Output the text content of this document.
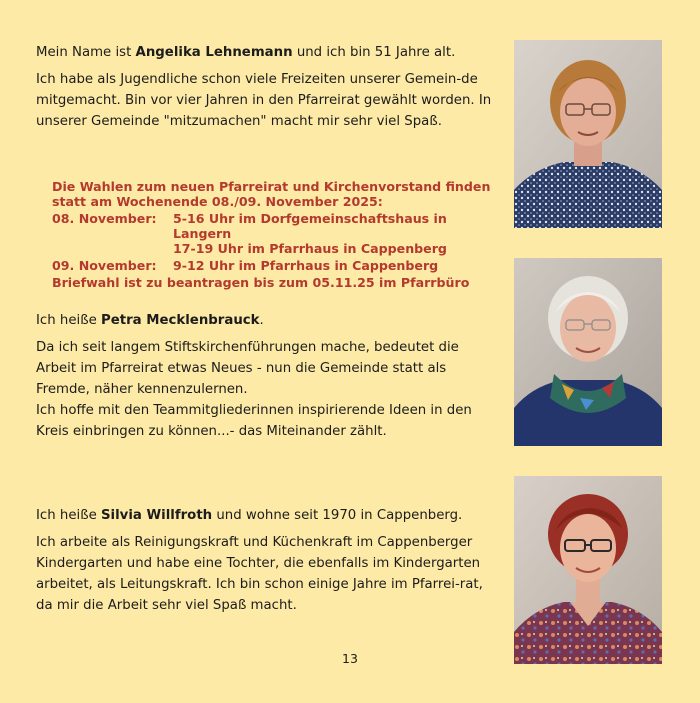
Mein Name ist Angelika Lehnemann und ich bin 51 Jahre alt.

Ich habe als Jugendliche schon viele Freizeiten unserer Gemein-de mitgemacht. Bin vor vier Jahren in den Pfarreirat gewählt worden. In unserer Gemeinde "mitzumachen" macht mir sehr viel Spaß.

Die Wahlen zum neuen Pfarreirat und Kirchenvorstand finden
statt am Wochenende 08./09. November 2025:
08. November:	5-16 Uhr im Dorfgemeinschaftshaus in Langern
17-19 Uhr im Pfarrhaus in Cappenberg
09. November:	9-12 Uhr im Pfarrhaus in Cappenberg
Briefwahl ist zu beantragen bis zum 05.11.25 im Pfarrbüro

Ich heiße Petra Mecklenbrauck.

Da ich seit langem Stiftskirchenführungen mache, bedeutet die Arbeit im Pfarreirat etwas Neues - nun die Gemeinde statt als Fremde, näher kennenzulernen.

Ich hoffe mit den Teammitgliederinnen inspirierende Ideen in den Kreis einbringen zu können...- das Miteinander zählt.

Ich heiße Silvia Willfroth und wohne seit 1970 in Cappenberg.

Ich arbeite als Reinigungskraft und Küchenkraft im Cappenberger Kindergarten und habe eine Tochter, die ebenfalls im Kindergarten arbeitet, als Leitungskraft. Ich bin schon einige Jahre im Pfarrei-rat, da mir die Arbeit sehr viel Spaß macht.

13
